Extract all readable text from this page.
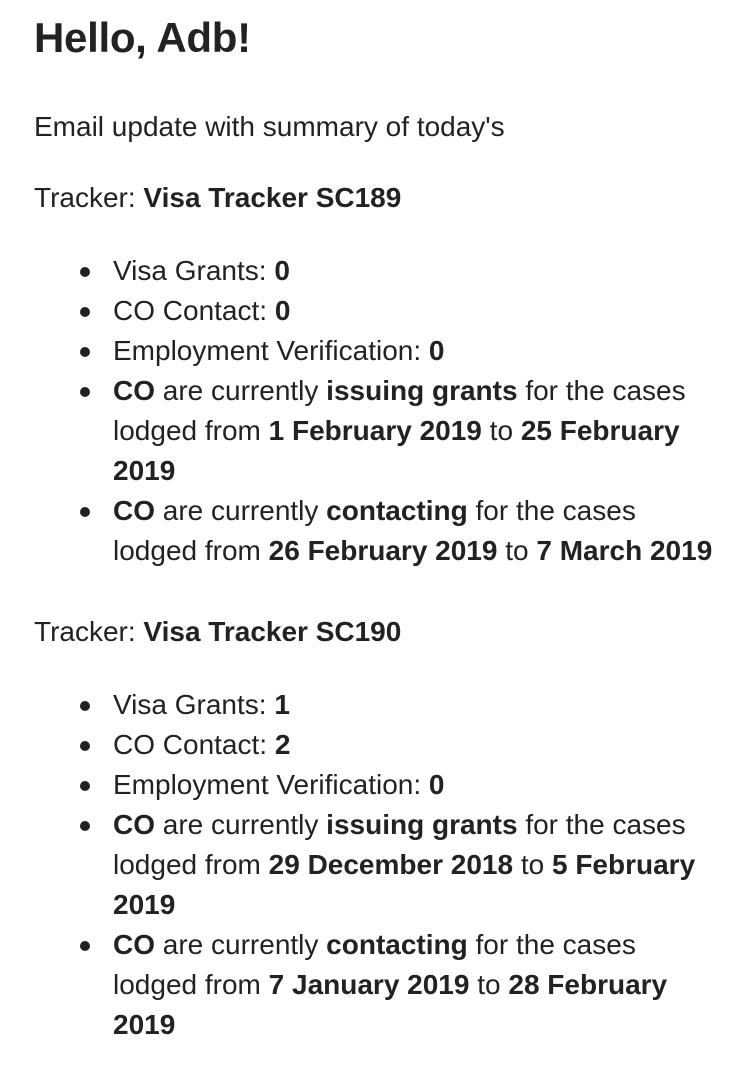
Hello, Adb!

Email update with summary of today's

Tracker: Visa Tracker SC189

Visa Grants: 0
CO Contact: 0
Employment Verification: 0
CO are currently issuing grants for the cases lodged from 1 February 2019 to 25 February 2019
CO are currently contacting for the cases lodged from 26 February 2019 to 7 March 2019

Tracker: Visa Tracker SC190

Visa Grants: 1
CO Contact: 2
Employment Verification: 0
CO are currently issuing grants for the cases lodged from 29 December 2018 to 5 February 2019
CO are currently contacting for the cases lodged from 7 January 2019 to 28 February 2019
